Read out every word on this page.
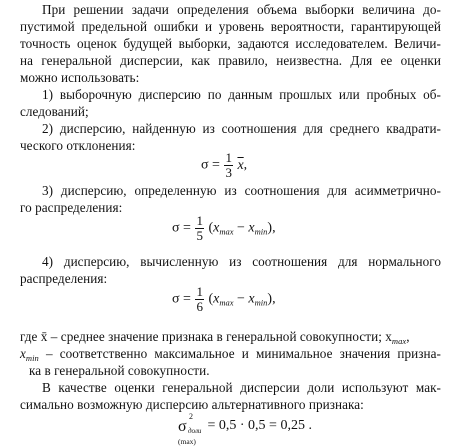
При решении задачи определения объема выборки величина до-
пустимой предельной ошибки и уровень вероятности, гарантирующей
точность оценок будущей выборки, задаются исследователем. Величи-
на генеральной дисперсии, как правило, неизвестна. Для ее оценки
можно использовать:
1) выборочную дисперсию по данным прошлых или пробных об-
следований;
2) дисперсию, найденную из соотношения для среднего квадрати-
ческого отклонения:
$\sigma = \frac{1}{3} \overline{x}$,
3) дисперсию, определенную из соотношения для асимметрично-
го распределения:
$\sigma = \frac{1}{5} (x_{max} - x_{min})$,
4) дисперсию, вычисленную из соотношения для нормального
распределения:
$\sigma = \frac{1}{6} (x_{max} - x_{min})$,
где x̄ – среднее значение признака в генеральной совокупности; $x_{max}$,
$x_{min}$ – соответственно максимальное и минимальное значения призна-
ка в генеральной совокупности.
В качестве оценки генеральной дисперсии доли используют мак-
симально возможную дисперсию альтернативного признака:
σ
2
доли
(max)
= 0,5 · 0,5 = 0,25 .
